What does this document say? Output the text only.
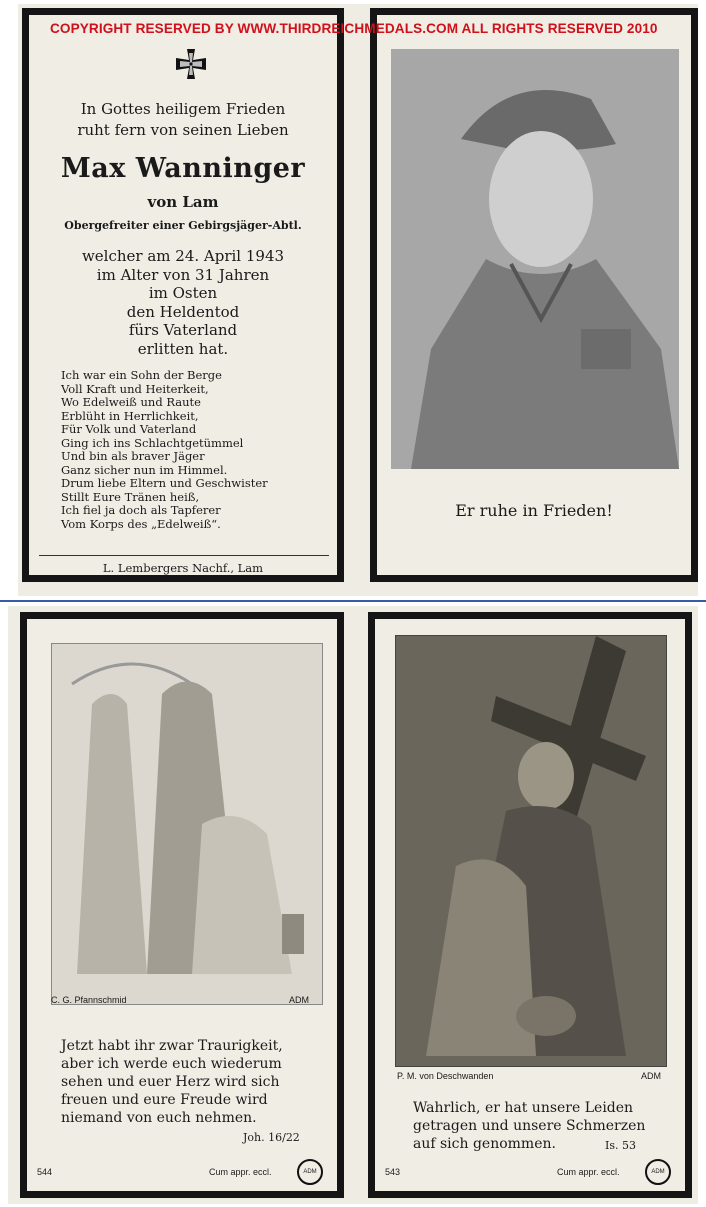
In Gottes heiligem Frieden
ruht fern von seinen Lieben
Max Wanninger
von Lam
Obergefreiter einer Gebirgsjäger-Abtl.
welcher am 24. April 1943
im Alter von 31 Jahren
im Osten
den Heldentod
fürs Vaterland
erlitten hat.
Ich war ein Sohn der Berge
Voll Kraft und Heiterkeit,
Wo Edelweiß und Raute
Erblüht in Herrlichkeit,
Für Volk und Vaterland
Ging ich ins Schlachtgetümmel
Und bin als braver Jäger
Ganz sicher nun im Himmel.
Drum liebe Eltern und Geschwister
Stillt Eure Tränen heiß,
Ich fiel ja doch als Tapferer
Vom Korps des „Edelweiß“.
L. Lembergers Nachf., Lam
Er ruhe in Frieden!
COPYRIGHT RESERVED BY WWW.THIRDREICHMEDALS.COM ALL RIGHTS RESERVED 2010
C. G. Pfannschmid	ADM
Jetzt habt ihr zwar Traurigkeit,
aber ich werde euch wiederum
sehen und euer Herz wird sich
freuen und eure Freude wird
niemand von euch nehmen.
Joh. 16/22
544	Cum appr. eccl.	ADM
P. M. von Deschwanden	ADM
Wahrlich, er hat unsere Leiden
getragen und unsere Schmerzen
auf sich genommen.	Is. 53
543	Cum appr. eccl.	ADM
